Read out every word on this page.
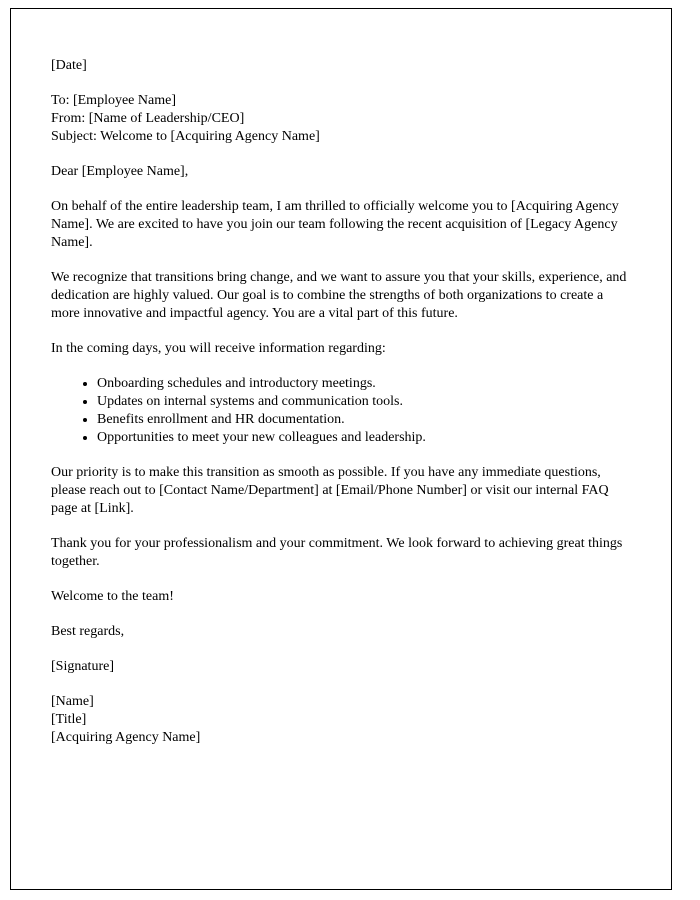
[Date]
To: [Employee Name]
From: [Name of Leadership/CEO]
Subject: Welcome to [Acquiring Agency Name]
Dear [Employee Name],
On behalf of the entire leadership team, I am thrilled to officially welcome you to [Acquiring Agency Name]. We are excited to have you join our team following the recent acquisition of [Legacy Agency Name].
We recognize that transitions bring change, and we want to assure you that your skills, experience, and dedication are highly valued. Our goal is to combine the strengths of both organizations to create a more innovative and impactful agency. You are a vital part of this future.
In the coming days, you will receive information regarding:
• Onboarding schedules and introductory meetings.
• Updates on internal systems and communication tools.
• Benefits enrollment and HR documentation.
• Opportunities to meet your new colleagues and leadership.
Our priority is to make this transition as smooth as possible. If you have any immediate questions, please reach out to [Contact Name/Department] at [Email/Phone Number] or visit our internal FAQ page at [Link].
Thank you for your professionalism and your commitment. We look forward to achieving great things together.
Welcome to the team!
Best regards,
[Signature]
[Name]
[Title]
[Acquiring Agency Name]
